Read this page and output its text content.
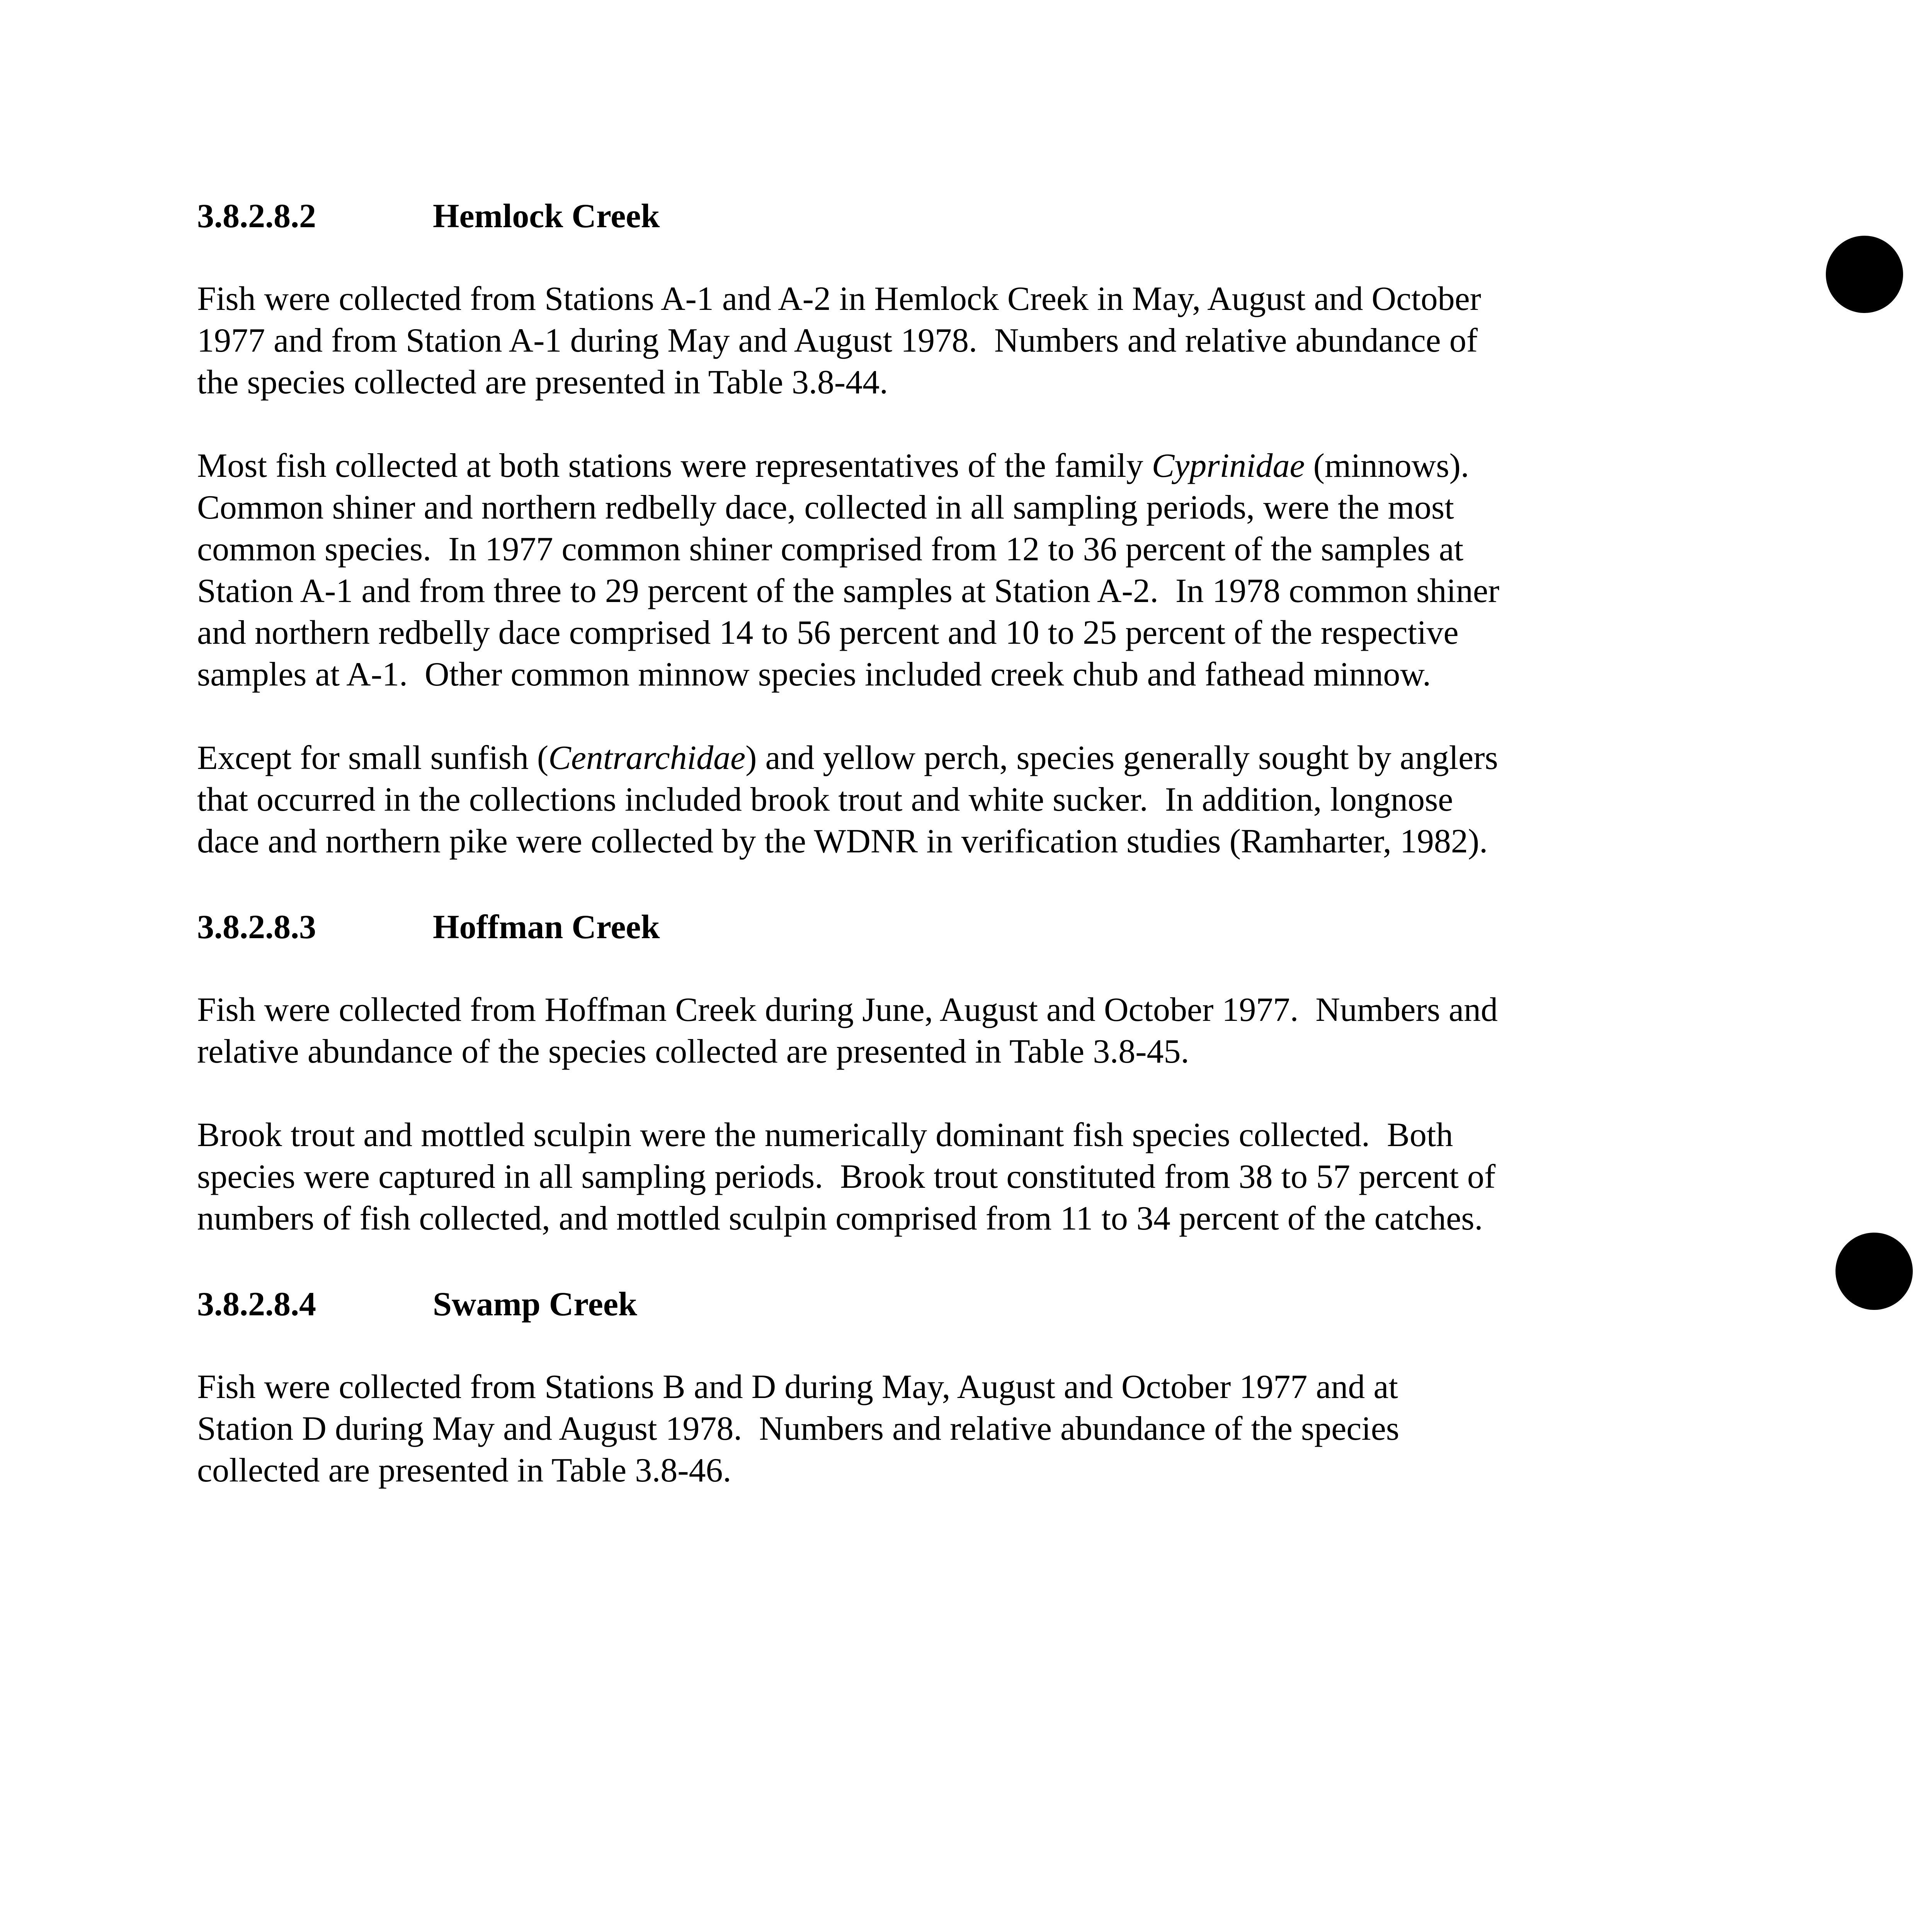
3.8.2.8.2	Hemlock Creek
Fish were collected from Stations A-1 and A-2 in Hemlock Creek in May, August and October
1977 and from Station A-1 during May and August 1978.  Numbers and relative abundance of
the species collected are presented in Table 3.8-44.
Most fish collected at both stations were representatives of the family Cyprinidae (minnows).
Common shiner and northern redbelly dace, collected in all sampling periods, were the most
common species.  In 1977 common shiner comprised from 12 to 36 percent of the samples at
Station A-1 and from three to 29 percent of the samples at Station A-2.  In 1978 common shiner
and northern redbelly dace comprised 14 to 56 percent and 10 to 25 percent of the respective
samples at A-1.  Other common minnow species included creek chub and fathead minnow.
Except for small sunfish (Centrarchidae) and yellow perch, species generally sought by anglers
that occurred in the collections included brook trout and white sucker.  In addition, longnose
dace and northern pike were collected by the WDNR in verification studies (Ramharter, 1982).
3.8.2.8.3	Hoffman Creek
Fish were collected from Hoffman Creek during June, August and October 1977.  Numbers and
relative abundance of the species collected are presented in Table 3.8-45.
Brook trout and mottled sculpin were the numerically dominant fish species collected.  Both
species were captured in all sampling periods.  Brook trout constituted from 38 to 57 percent of
numbers of fish collected, and mottled sculpin comprised from 11 to 34 percent of the catches.
3.8.2.8.4	Swamp Creek
Fish were collected from Stations B and D during May, August and October 1977 and at
Station D during May and August 1978.  Numbers and relative abundance of the species
collected are presented in Table 3.8-46.
